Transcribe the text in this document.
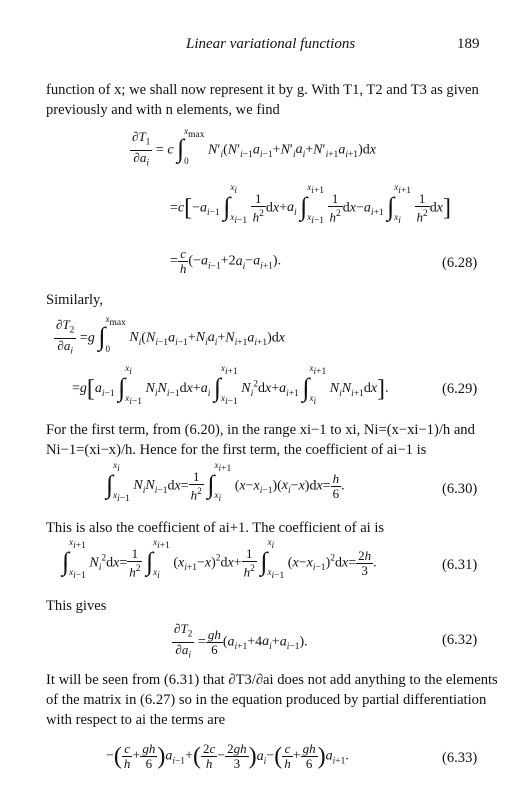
Linear variational functions	189
function of x; we shall now represent it by g. With T1, T2 and T3 as given
previously and with n elements, we find
$\frac{\partial T_1}{\partial a_i} = c$ ∫
$x_{max}$
0
$N'_i(N'_{i-1}a_{i-1}+N'_ia_i+N'_{i+1}a_{i+1})dx$
$=c[-a_{i-1}$ ∫
$x_i$
$x_{i-1}$
$\frac{1}{h^2} dx+a_i$ ∫
$x_{i+1}$
$x_{i-1}$
$\frac{1}{h^2} dx-a_{i+1}$ ∫
$x_{i+1}$
$x_i$
	$\frac{1}{h^2} dx$]
= $\frac{c}{h} (-a_{i-1}+2a_i-a_{i+1})$.	(6.28)
Similarly,
$\frac{\partial T_2}{\partial a_i} =g$ ∫
$x_{max}$
0
$N_i(N_{i-1}a_{i-1}+N_ia_i+N_{i+1}a_{i+1})dx$
$=g[a_{i-1}$ ∫
$x_i$
$x_{i-1}$
$N_iN_{i-1}dx+a_i$ ∫
$x_{i+1}$
$x_{i-1}$
$N_i^2dx+a_{i+1}$ ∫
$x_{i+1}$
$x_i$
$N_iN_{i+1}dx$].	(6.29)
For the first term, from (6.20), in the range xi−1 to xi, Ni=(x−xi−1)/h and
Ni−1=(xi−x)/h. Hence for the first term, the coefficient of ai−1 is
∫
$x_i$
$x_{i-1}$
$N_iN_{i-1}dx= \frac{1}{h^2}$ ∫
$x_{i+1}$
$x_i$
$(x-x_{i-1})(x_i-x)dx= \frac{h}{6}$ .	(6.30)
This is also the coefficient of ai+1. The coefficient of ai is
∫
$x_{i+1}$
$x_{i-1}$
$N_i^2dx= \frac{1}{h^2}$ ∫
$x_{i+1}$
$x_i$
$(x_{i+1}-x)^2dx+ \frac{1}{h^2}$ ∫
$x_i$
$x_{i-1}$
$(x-x_{i-1})^2dx= \frac{2h}{3}$ .	(6.31)
This gives
$\frac{\partial T_2}{\partial a_i} = \frac{gh}{6} (a_{i+1}+4a_i+a_{i-1})$.	(6.32)
It will be seen from (6.31) that ∂T3/∂ai does not add anything to the elements
of the matrix in (6.27) so in the equation produced by partial differentiation
with respect to ai the terms are
−( $\frac{c}{h} + \frac{gh}{6} )a_{i-1}+( \frac{2c}{h} - \frac{2gh}{3} )a_i-( \frac{c}{h} + \frac{gh}{6} )a_{i+1}$.	(6.33)
